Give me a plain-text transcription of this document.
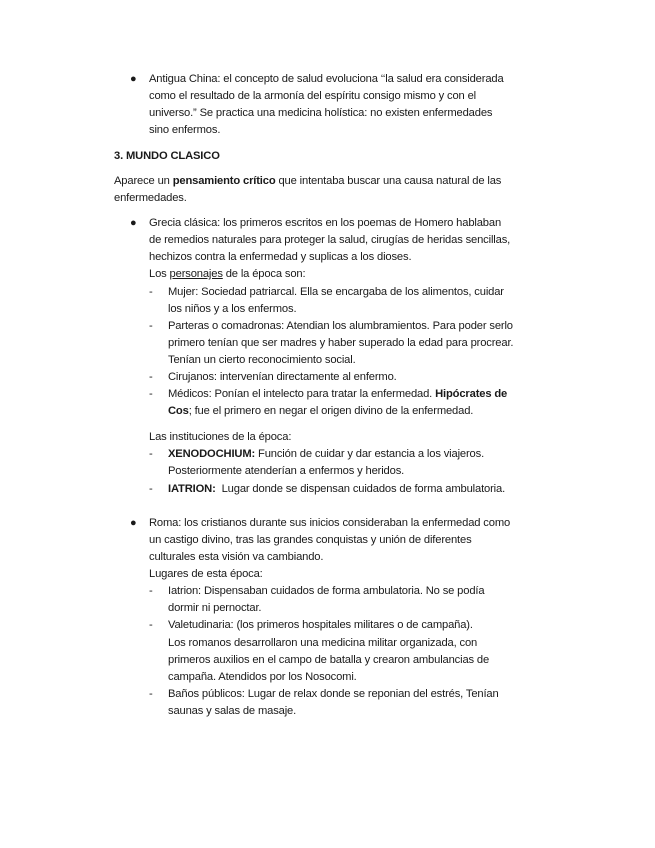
● Antigua China: el concepto de salud evoluciona ‘‘la salud era considerada
como el resultado de la armonía del espíritu consigo mismo y con el
universo.” Se practica una medicina holística: no existen enfermedades
sino enfermos.
3. MUNDO CLASICO
Aparece un pensamiento crítico que intentaba buscar una causa natural de las
enfermedades.
● Grecia clásica: los primeros escritos en los poemas de Homero hablaban
de remedios naturales para proteger la salud, cirugías de heridas sencillas,
hechizos contra la enfermedad y suplicas a los dioses.
Los personajes de la época son:
- Mujer: Sociedad patriarcal. Ella se encargaba de los alimentos, cuidar
los niños y a los enfermos.
- Parteras o comadronas: Atendian los alumbramientos. Para poder serlo
primero tenían que ser madres y haber superado la edad para procrear.
Tenían un cierto reconocimiento social.
- Cirujanos: intervenían directamente al enfermo.
- Médicos: Ponían el intelecto para tratar la enfermedad. Hipócrates de
Cos; fue el primero en negar el origen divino de la enfermedad.
Las instituciones de la época:
- XENODOCHIUM: Función de cuidar y dar estancia a los viajeros.
Posteriormente atenderían a enfermos y heridos.
- IATRION:  Lugar donde se dispensan cuidados de forma ambulatoria.
● Roma: los cristianos durante sus inicios consideraban la enfermedad como
un castigo divino, tras las grandes conquistas y unión de diferentes
culturales esta visión va cambiando.
Lugares de esta época:
- Iatrion: Dispensaban cuidados de forma ambulatoria. No se podía
dormir ni pernoctar.
- Valetudinaria: (los primeros hospitales militares o de campaña).
Los romanos desarrollaron una medicina militar organizada, con
primeros auxilios en el campo de batalla y crearon ambulancias de
campaña. Atendidos por los Nosocomi.
- Baños públicos: Lugar de relax donde se reponian del estrés, Tenían
saunas y salas de masaje.
